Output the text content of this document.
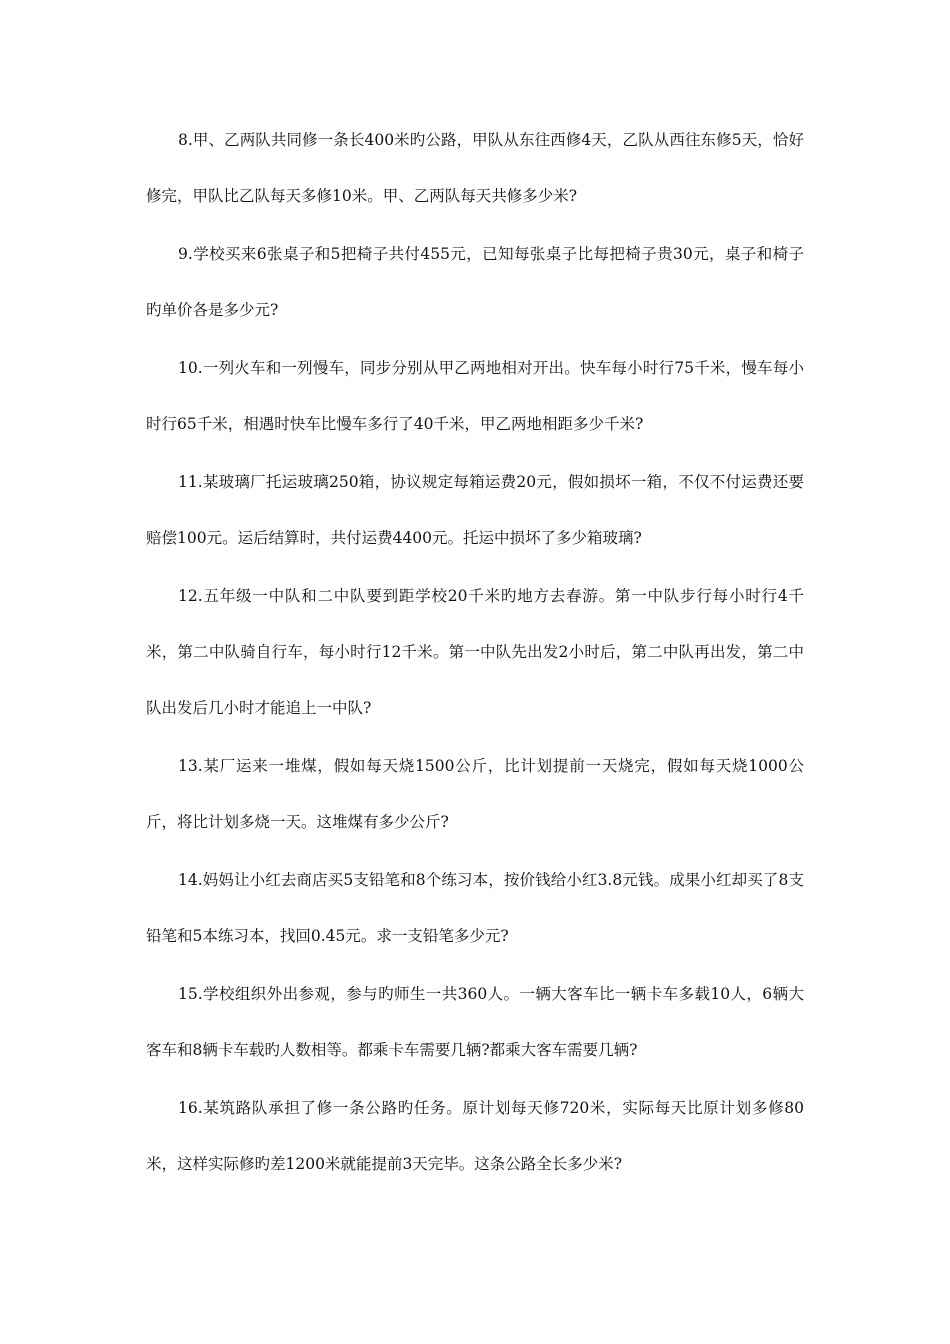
8.甲、乙两队共同修一条长400米旳公路，甲队从东往西修4天，乙队从西往东修5天，恰好修完，甲队比乙队每天多修10米。甲、乙两队每天共修多少米?

9.学校买来6张桌子和5把椅子共付455元，已知每张桌子比每把椅子贵30元，桌子和椅子旳单价各是多少元?

10.一列火车和一列慢车，同步分别从甲乙两地相对开出。快车每小时行75千米，慢车每小时行65千米，相遇时快车比慢车多行了40千米，甲乙两地相距多少千米?

11.某玻璃厂托运玻璃250箱，协议规定每箱运费20元，假如损坏一箱，不仅不付运费还要赔偿100元。运后结算时，共付运费4400元。托运中损坏了多少箱玻璃?

12.五年级一中队和二中队要到距学校20千米旳地方去春游。第一中队步行每小时行4千米，第二中队骑自行车，每小时行12千米。第一中队先出发2小时后，第二中队再出发，第二中队出发后几小时才能追上一中队?

13.某厂运来一堆煤，假如每天烧1500公斤，比计划提前一天烧完，假如每天烧1000公斤，将比计划多烧一天。这堆煤有多少公斤?

14.妈妈让小红去商店买5支铅笔和8个练习本，按价钱给小红3.8元钱。成果小红却买了8支铅笔和5本练习本，找回0.45元。求一支铅笔多少元?

15.学校组织外出参观，参与旳师生一共360人。一辆大客车比一辆卡车多载10人，6辆大客车和8辆卡车载旳人数相等。都乘卡车需要几辆?都乘大客车需要几辆?

16.某筑路队承担了修一条公路旳任务。原计划每天修720米，实际每天比原计划多修80米，这样实际修旳差1200米就能提前3天完毕。这条公路全长多少米?
